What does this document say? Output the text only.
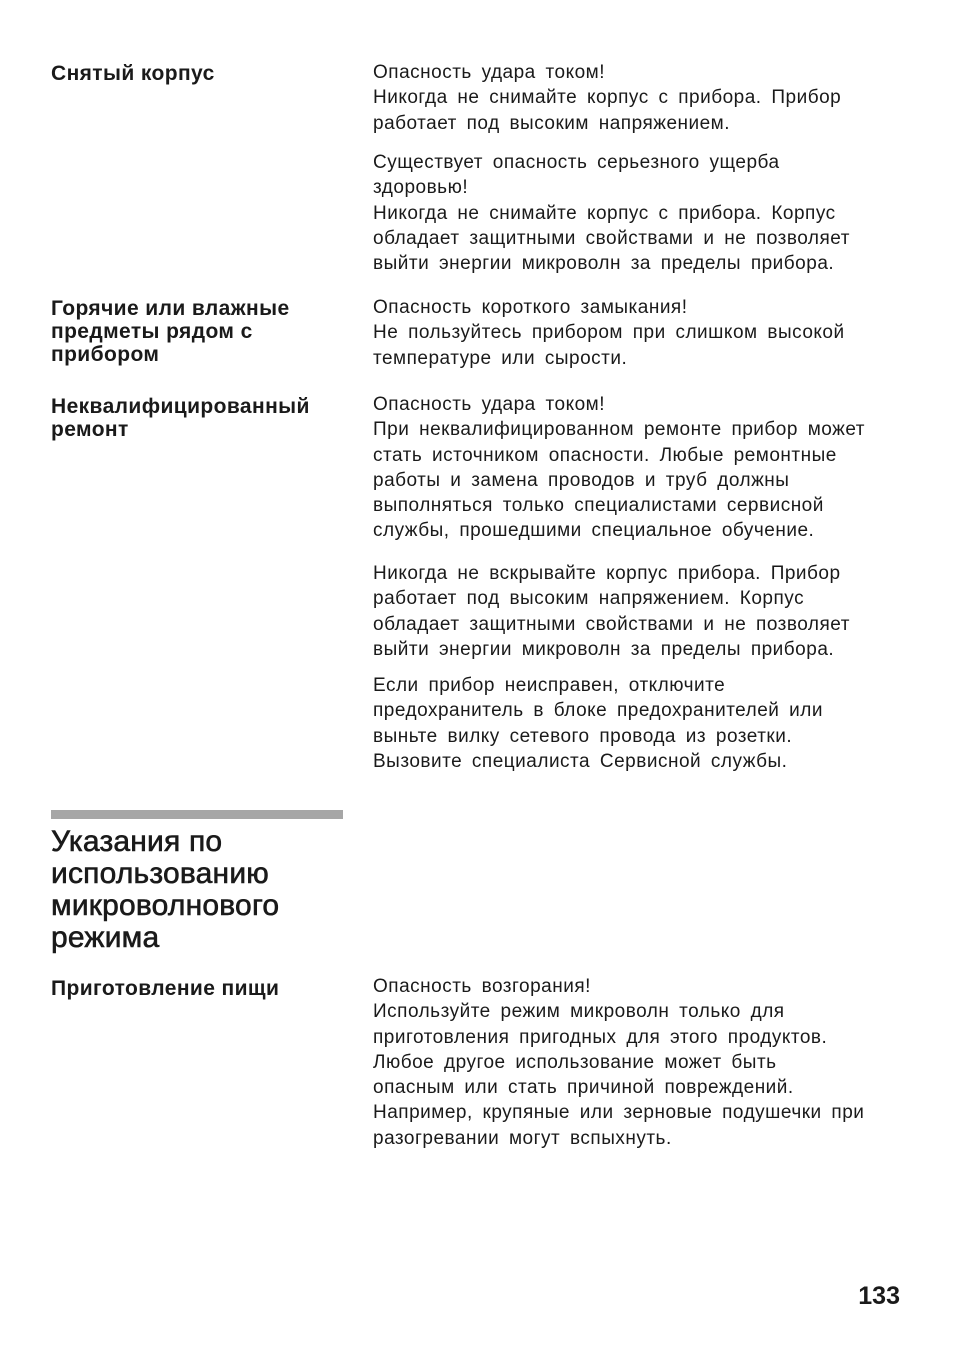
Снятый корпус	Опасность удара током!
Никогда не снимайте корпус с прибора. Прибор
работает под высоким напряжением.
Существует опасность серьезного ущерба
здоровью!
Никогда не снимайте корпус с прибора. Корпус
обладает защитными свойствами и не позволяет
выйти энергии микроволн за пределы прибора.
Горячие или влажные
предметы рядом с
прибором
Опасность короткого замыкания!
Не пользуйтесь прибором при слишком высокой
температуре или сырости.
Неквалифицированный
ремонт
Опасность удара током!
При неквалифицированном ремонте прибор может
стать источником опасности. Любые ремонтные
работы и замена проводов и труб должны
выполняться только специалистами сервисной
службы, прошедшими специальное обучение.
Никогда не вскрывайте корпус прибора. Прибор
работает под высоким напряжением. Корпус
обладает защитными свойствами и не позволяет
выйти энергии микроволн за пределы прибора.
Если прибор неисправен, отключите
предохранитель в блоке предохранителей или
выньте вилку сетевого провода из розетки.
Вызовите специалиста Сервисной службы.
Указания по
использованию
микроволнового
режима
Приготовление пищи	Опасность возгорания!
Используйте режим микроволн только для
приготовления пригодных для этого продуктов.
Любое другое использование может быть
опасным или стать причиной повреждений.
Например, крупяные или зерновые подушечки при
разогревании могут вспыхнуть.
133
